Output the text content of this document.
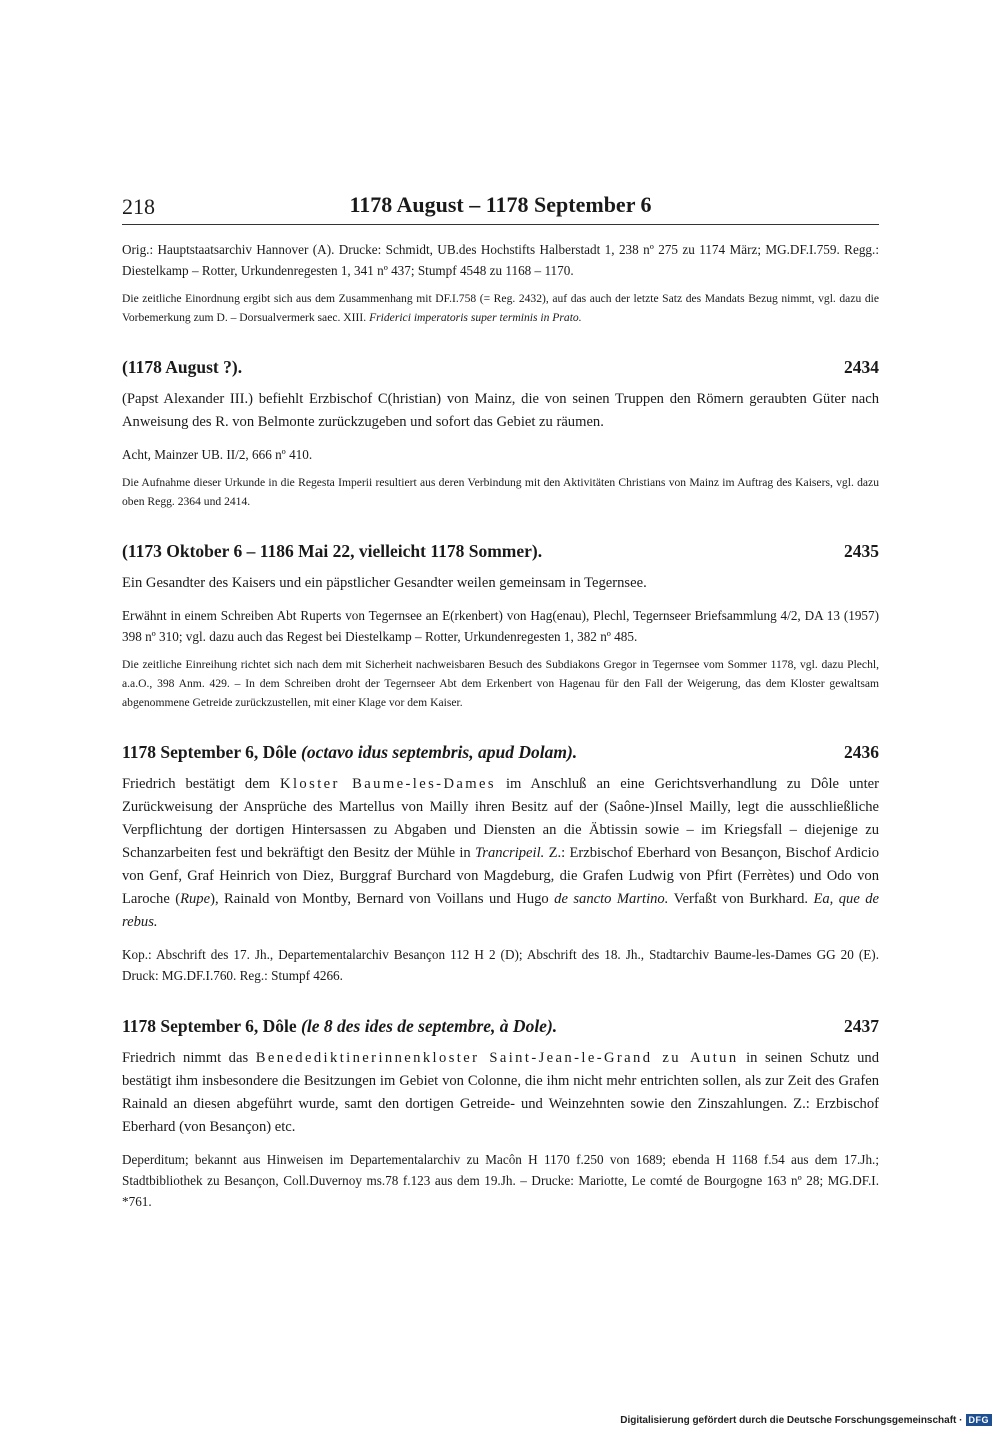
218	1178 August – 1178 September 6
Orig.: Hauptstaatsarchiv Hannover (A). Drucke: Schmidt, UB.des Hochstifts Halberstadt 1, 238 nº 275 zu 1174 März; MG.DF.I.759. Regg.: Diestelkamp – Rotter, Urkundenregesten 1, 341 nº 437; Stumpf 4548 zu 1168 – 1170.
Die zeitliche Einordnung ergibt sich aus dem Zusammenhang mit DF.I.758 (= Reg. 2432), auf das auch der letzte Satz des Mandats Bezug nimmt, vgl. dazu die Vorbemerkung zum D. – Dorsualvermerk saec. XIII. Friderici imperatoris super terminis in Prato.
(1178 August ?).	2434
(Papst Alexander III.) befiehlt Erzbischof C(hristian) von Mainz, die von seinen Truppen den Römern geraubten Güter nach Anweisung des R. von Belmonte zurückzugeben und sofort das Gebiet zu räumen.
Acht, Mainzer UB. II/2, 666 nº 410.
Die Aufnahme dieser Urkunde in die Regesta Imperii resultiert aus deren Verbindung mit den Aktivitäten Christians von Mainz im Auftrag des Kaisers, vgl. dazu oben Regg. 2364 und 2414.
(1173 Oktober 6 – 1186 Mai 22, vielleicht 1178 Sommer).	2435
Ein Gesandter des Kaisers und ein päpstlicher Gesandter weilen gemeinsam in Tegernsee.
Erwähnt in einem Schreiben Abt Ruperts von Tegernsee an E(rkenbert) von Hag(enau), Plechl, Tegernseer Briefsammlung 4/2, DA 13 (1957) 398 nº 310; vgl. dazu auch das Regest bei Diestelkamp – Rotter, Urkundenregesten 1, 382 nº 485.
Die zeitliche Einreihung richtet sich nach dem mit Sicherheit nachweisbaren Besuch des Subdiakons Gregor in Tegernsee vom Sommer 1178, vgl. dazu Plechl, a.a.O., 398 Anm. 429. – In dem Schreiben droht der Tegernseer Abt dem Erkenbert von Hagenau für den Fall der Weigerung, das dem Kloster gewaltsam abgenommene Getreide zurückzustellen, mit einer Klage vor dem Kaiser.
1178 September 6, Dôle (octavo idus septembris, apud Dolam).	2436
Friedrich bestätigt dem Kloster Baume-les-Dames im Anschluß an eine Gerichtsverhandlung zu Dôle unter Zurückweisung der Ansprüche des Martellus von Mailly ihren Besitz auf der (Saône-)Insel Mailly, legt die ausschließliche Verpflichtung der dortigen Hintersassen zu Abgaben und Diensten an die Äbtissin sowie – im Kriegsfall – diejenige zu Schanzarbeiten fest und bekräftigt den Besitz der Mühle in Trancripeil. Z.: Erzbischof Eberhard von Besançon, Bischof Ardicio von Genf, Graf Heinrich von Diez, Burggraf Burchard von Magdeburg, die Grafen Ludwig von Pfirt (Ferrètes) und Odo von Laroche (Rupe), Rainald von Montby, Bernard von Voillans und Hugo de sancto Martino. Verfaßt von Burkhard. Ea, que de rebus.
Kop.: Abschrift des 17. Jh., Departementalarchiv Besançon 112 H 2 (D); Abschrift des 18. Jh., Stadtarchiv Baume-les-Dames GG 20 (E). Druck: MG.DF.I.760. Reg.: Stumpf 4266.
1178 September 6, Dôle (le 8 des ides de septembre, à Dole).	2437
Friedrich nimmt das Benedediktinerinnenkloster Saint-Jean-le-Grand zu Autun in seinen Schutz und bestätigt ihm insbesondere die Besitzungen im Gebiet von Colonne, die ihm nicht mehr entrichten sollen, als zur Zeit des Grafen Rainald an diesen abgeführt wurde, samt den dortigen Getreide- und Weinzehnten sowie den Zinszahlungen. Z.: Erzbischof Eberhard (von Besançon) etc.
Deperditum; bekannt aus Hinweisen im Departementalarchiv zu Macôn H 1170 f.250 von 1689; ebenda H 1168 f.54 aus dem 17.Jh.; Stadtbibliothek zu Besançon, Coll.Duvernoy ms.78 f.123 aus dem 19.Jh. – Drucke: Mariotte, Le comté de Bourgogne 163 nº 28; MG.DF.I. *761.
Digitalisierung gefördert durch die Deutsche Forschungsgemeinschaft · DFG
